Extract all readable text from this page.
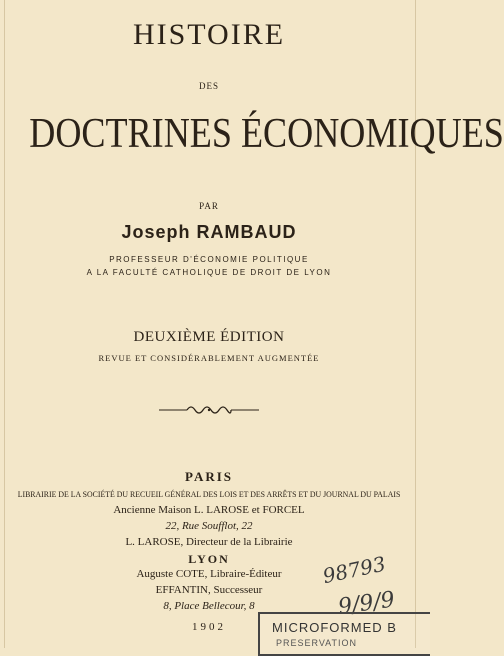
HISTOIRE
DES
DOCTRINES ÉCONOMIQUES
PAR
Joseph RAMBAUD
PROFESSEUR D'ÉCONOMIE POLITIQUE
A LA FACULTÉ CATHOLIQUE DE DROIT DE LYON
DEUXIÈME ÉDITION
REVUE ET CONSIDÉRABLEMENT AUGMENTÉE
PARIS
LIBRAIRIE DE LA SOCIÉTÉ DU RECUEIL GÉNÉRAL DES LOIS ET DES ARRÊTS ET DU JOURNAL DU PALAIS
Ancienne Maison L. LAROSE et FORCEL
22, Rue Soufflot, 22
L. LAROSE, Directeur de la Librairie
LYON
Auguste COTE, Libraire-Éditeur
EFFANTIN, Successeur
8, Place Bellecour, 8
1902
98793
9/9/9
MICROFORMED B
PRESERVATION
